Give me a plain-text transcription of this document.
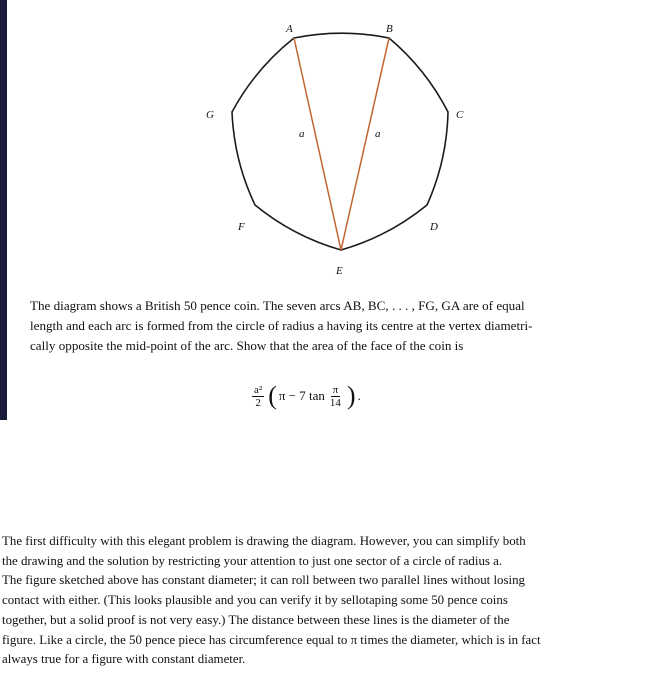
A	B
C
D
E
F
G
a	a

The diagram shows a British 50 pence coin. The seven arcs AB, BC, . . . , FG, GA are of equal

length and each arc is formed from the circle of radius a having its centre at the vertex diametri-

cally opposite the mid-point of the arc. Show that the area of the face of the coin is

$\frac{\text{a²}}{2}$ ( π − 7 $\tan \frac{\pi}{14}$ ) .

The first difficulty with this elegant problem is drawing the diagram. However, you can simplify both

the drawing and the solution by restricting your attention to just one sector of a circle of radius a.

The figure sketched above has constant diameter; it can roll between two parallel lines without losing

contact with either. (This looks plausible and you can verify it by sellotaping some 50 pence coins

together, but a solid proof is not very easy.) The distance between these lines is the diameter of the

figure. Like a circle, the 50 pence piece has circumference equal to π times the diameter, which is in fact

always true for a figure with constant diameter.
